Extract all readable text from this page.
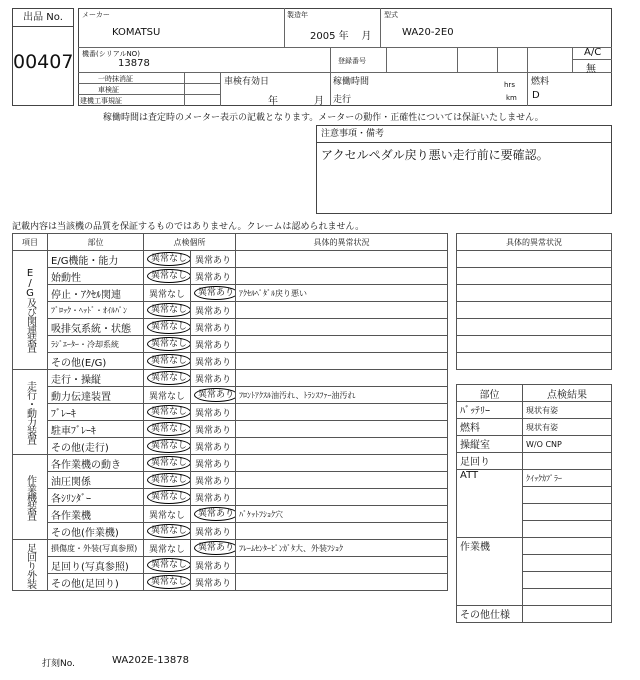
出品 No.
00407
メーカー
KOMATSU
製造年
2005 年 月
型式
WA20-2E0
機番(シリアルNO)
13878	登録番号
A/C
無
一時抹消証
車検証
建機工事規証
車検有効日
年	月
稼働時間	hrs
走行	km
燃料
D
稼働時間は査定時のメーター表示の記載となります。メーターの動作・正確性については保証いたしません。
注意事項・備考
アクセルペダル戻り悪い走行前に要確認。
記載内容は当該機の品質を保証するものではありません。クレームは認められません。
項目	部位	点検個所		具体的異常状況
E/G及び関連装置	E/G機能・能力	異常なし	異常あり	
	始動性	異常なし	異常あり	
	停止・ｱｸｾﾙ関連	異常なし	異常あり	ｱｸｾﾙﾍﾟﾀﾞﾙ戻り悪い
	ﾌﾞﾛｯｸ・ﾍｯﾄﾞ・ｵｲﾙﾊﾟﾝ	異常なし	異常あり	
	吸排気系統・状態	異常なし	異常あり	
	ﾗｼﾞｴｰﾀｰ・冷却系統	異常なし	異常あり	
	その他(E/G)	異常なし	異常あり	
走行・動力装置	走行・操縦	異常なし	異常あり	
	動力伝達装置	異常なし	異常あり	ﾌﾛﾝﾄｱｸｽﾙ油汚れ、ﾄﾗﾝｽﾌｧｰ油汚れ
	ﾌﾞﾚｰｷ	異常なし	異常あり	
	駐車ﾌﾞﾚｰｷ	異常なし	異常あり	
	その他(走行)	異常なし	異常あり	
作業機装置	各作業機の動き	異常なし	異常あり	
	油圧関係	異常なし	異常あり	
	各ｼﾘﾝﾀﾞｰ	異常なし	異常あり	
	各作業機	異常なし	異常あり	ﾊﾞｹｯﾄﾌｼｮｸ穴
	その他(作業機)	異常なし	異常あり	
足回り外装	損傷度・外装(写真参照)	異常なし	異常あり	ﾌﾚｰﾑｾﾝﾀｰﾋﾟﾝｶﾞﾀ大、外装ﾌｼｮｸ
	足回り(写真参照)	異常なし	異常あり	
	その他(足回り)	異常なし	異常あり	
具体的異常状況

部位	点検結果
ﾊﾞｯﾃﾘｰ	現状有姿
燃料	現状有姿
操縦室	W/O CNP
足回り	
ATT	ｸｲｯｸｶﾌﾟﾗｰ

作業機	

その他仕様	
打刻No.	WA202E-13878
